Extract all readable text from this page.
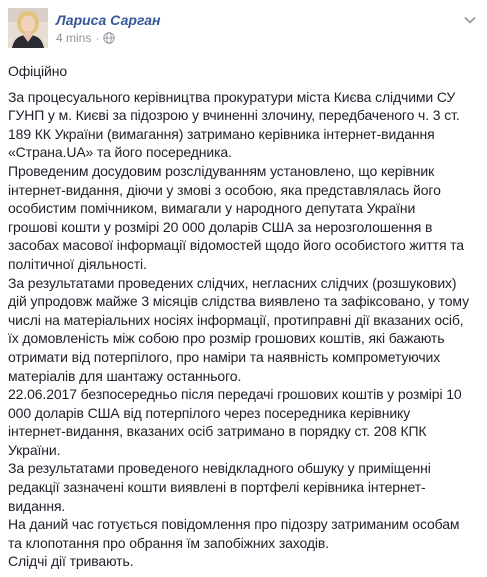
Лариса Сарган
4 mins ·

Офіційно

За процесуального керівництва прокуратури міста Києва слідчими СУ
ГУНП у м. Києві за підозрою у вчиненні злочину, передбаченого ч. 3 ст.
189 КК України (вимагання) затримано керівника інтернет-видання
«Страна.UA» та його посередника.

Проведеним досудовим розслідуванням установлено, що керівник
інтернет-видання, діючи у змові з особою, яка представлялась його
особистим помічником, вимагали у народного депутата України
грошові кошти у розмірі 20 000 доларів США за нерозголошення в
засобах масової інформації відомостей щодо його особистого життя та
політичної діяльності.

За результатами проведених слідчих, негласних слідчих (розшукових)
дій упродовж майже 3 місяців слідства виявлено та зафіксовано, у тому
числі на матеріальних носіях інформації, протиправні дії вказаних осіб,
їх домовленість між собою про розмір грошових коштів, які бажають
отримати від потерпілого, про наміри та наявність компрометуючих
матеріалів для шантажу останнього.

22.06.2017 безпосередньо після передачі грошових коштів у розмірі 10
000 доларів США від потерпілого через посередника керівнику
інтернет-видання, вказаних осіб затримано в порядку ст. 208 КПК
України.

За результатами проведеного невідкладного обшуку у приміщенні
редакції зазначені кошти виявлені в портфелі керівника інтернет-
видання.

На даний час готується повідомлення про підозру затриманим особам
та клопотання про обрання їм запобіжних заходів.

Слідчі дії тривають.
